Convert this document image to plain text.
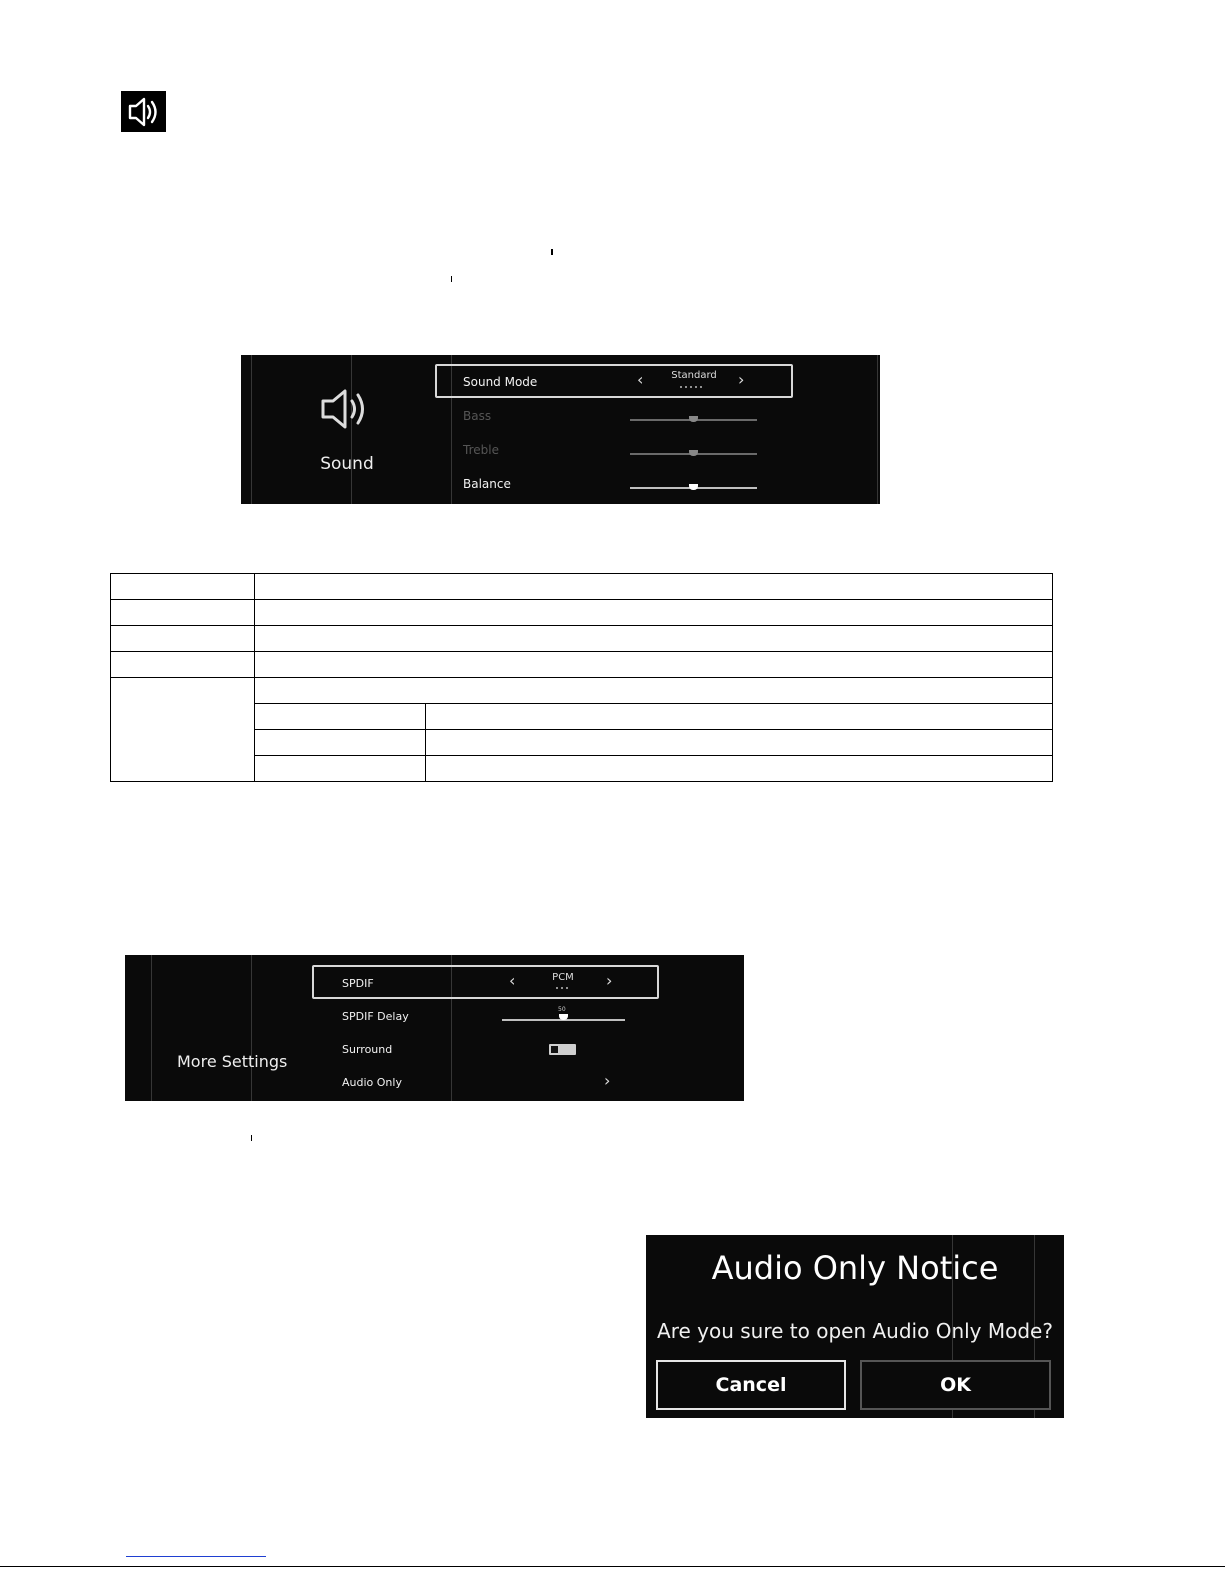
Sound
Sound Mode	‹	Standard	›
Bass
Treble
Balance

More Settings
SPDIF	‹	PCM	›
SPDIF Delay
50
Surround
Audio Only	›
Audio Only Notice
Are you sure to open Audio Only Mode?
Cancel	OK
